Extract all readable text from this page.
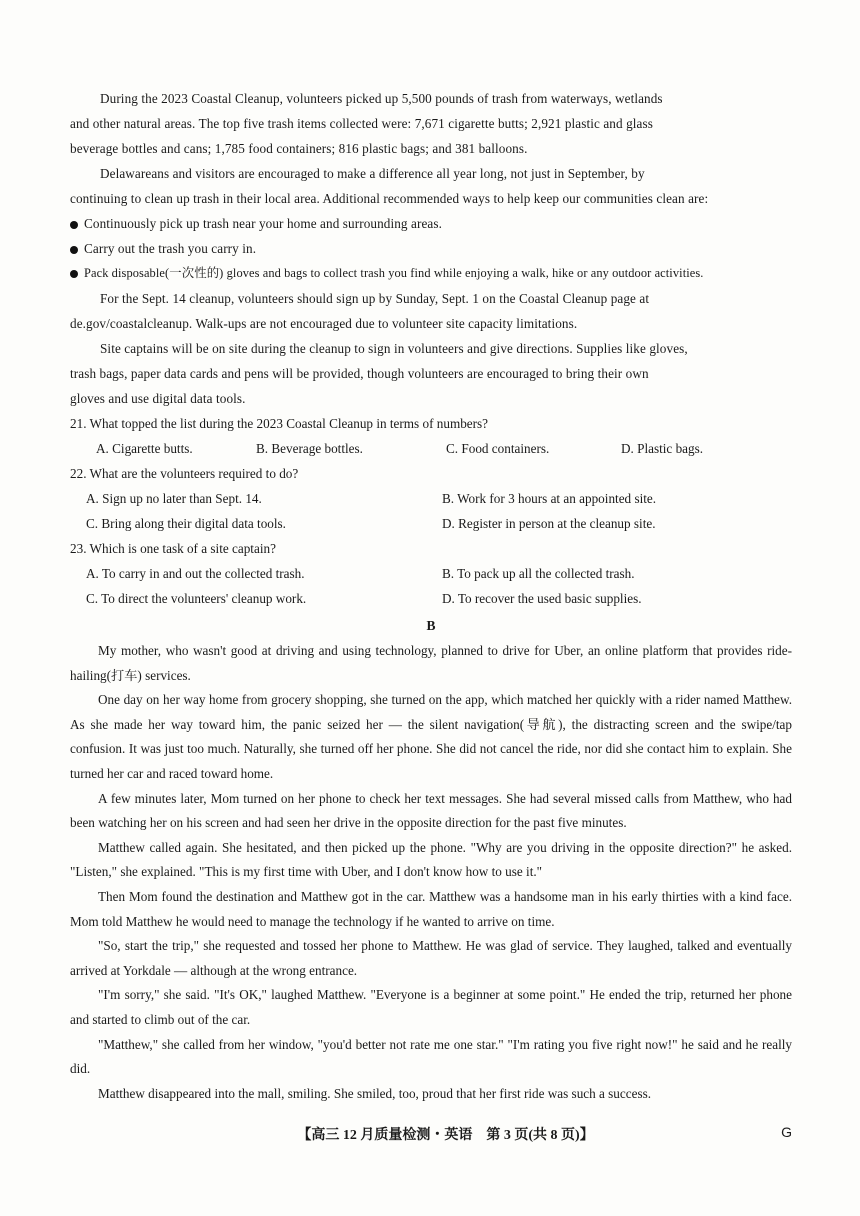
During the 2023 Coastal Cleanup, volunteers picked up 5,500 pounds of trash from waterways, wetlands
and other natural areas. The top five trash items collected were: 7,671 cigarette butts; 2,921 plastic and glass
beverage bottles and cans; 1,785 food containers; 816 plastic bags; and 381 balloons.
Delawareans and visitors are encouraged to make a difference all year long, not just in September, by
continuing to clean up trash in their local area. Additional recommended ways to help keep our communities clean are:
Continuously pick up trash near your home and surrounding areas.
Carry out the trash you carry in.
Pack disposable(一次性的) gloves and bags to collect trash you find while enjoying a walk, hike or any outdoor activities.
For the Sept. 14 cleanup, volunteers should sign up by Sunday, Sept. 1 on the Coastal Cleanup page at
de.gov/coastalcleanup. Walk-ups are not encouraged due to volunteer site capacity limitations.
Site captains will be on site during the cleanup to sign in volunteers and give directions. Supplies like gloves,
trash bags, paper data cards and pens will be provided, though volunteers are encouraged to bring their own
gloves and use digital data tools.
21. What topped the list during the 2023 Coastal Cleanup in terms of numbers?
A. Cigarette butts.	B. Beverage bottles.	C. Food containers.	D. Plastic bags.
22. What are the volunteers required to do?
A. Sign up no later than Sept. 14.	B. Work for 3 hours at an appointed site.
C. Bring along their digital data tools.	D. Register in person at the cleanup site.
23. Which is one task of a site captain?
A. To carry in and out the collected trash.	B. To pack up all the collected trash.
C. To direct the volunteers' cleanup work.	D. To recover the used basic supplies.
B

My mother, who wasn't good at driving and using technology, planned to drive for Uber, an online platform that provides ride-hailing(打车) services.

One day on her way home from grocery shopping, she turned on the app, which matched her quickly with a rider named Matthew. As she made her way toward him, the panic seized her — the silent navigation(导航), the distracting screen and the swipe/tap confusion. It was just too much. Naturally, she turned off her phone. She did not cancel the ride, nor did she contact him to explain. She turned her car and raced toward home.

A few minutes later, Mom turned on her phone to check her text messages. She had several missed calls from Matthew, who had been watching her on his screen and had seen her drive in the opposite direction for the past five minutes.

Matthew called again. She hesitated, and then picked up the phone. "Why are you driving in the opposite direction?" he asked. "Listen," she explained. "This is my first time with Uber, and I don't know how to use it."

Then Mom found the destination and Matthew got in the car. Matthew was a handsome man in his early thirties with a kind face. Mom told Matthew he would need to manage the technology if he wanted to arrive on time.

"So, start the trip," she requested and tossed her phone to Matthew. He was glad of service. They laughed, talked and eventually arrived at Yorkdale — although at the wrong entrance.

"I'm sorry," she said. "It's OK," laughed Matthew. "Everyone is a beginner at some point." He ended the trip, returned her phone and started to climb out of the car.

"Matthew," she called from her window, "you'd better not rate me one star." "I'm rating you five right now!" he said and he really did.

Matthew disappeared into the mall, smiling. She smiled, too, proud that her first ride was such a success.

【高三 12 月质量检测・英语　第 3 页(共 8 页)】	G
